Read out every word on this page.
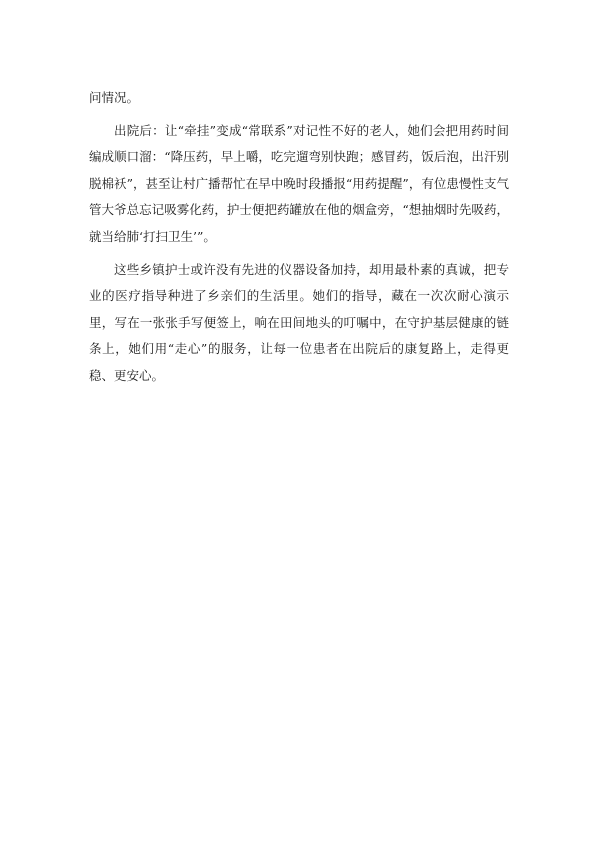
问情况。

出院后：让“牵挂”变成“常联系”对记性不好的老人，她们会把用药时间编成顺口溜：“降压药，早上嚼，吃完遛弯别快跑；感冒药，饭后泡，出汗别脱棉袄”，甚至让村广播帮忙在早中晚时段播报“用药提醒”，有位患慢性支气管大爷总忘记吸雾化药，护士便把药罐放在他的烟盒旁，“想抽烟时先吸药，就当给肺‘打扫卫生’”。

这些乡镇护士或许没有先进的仪器设备加持，却用最朴素的真诚，把专业的医疗指导种进了乡亲们的生活里。她们的指导，藏在一次次耐心演示里，写在一张张手写便签上，响在田间地头的叮嘱中，在守护基层健康的链条上，她们用“走心”的服务，让每一位患者在出院后的康复路上，走得更稳、更安心。
